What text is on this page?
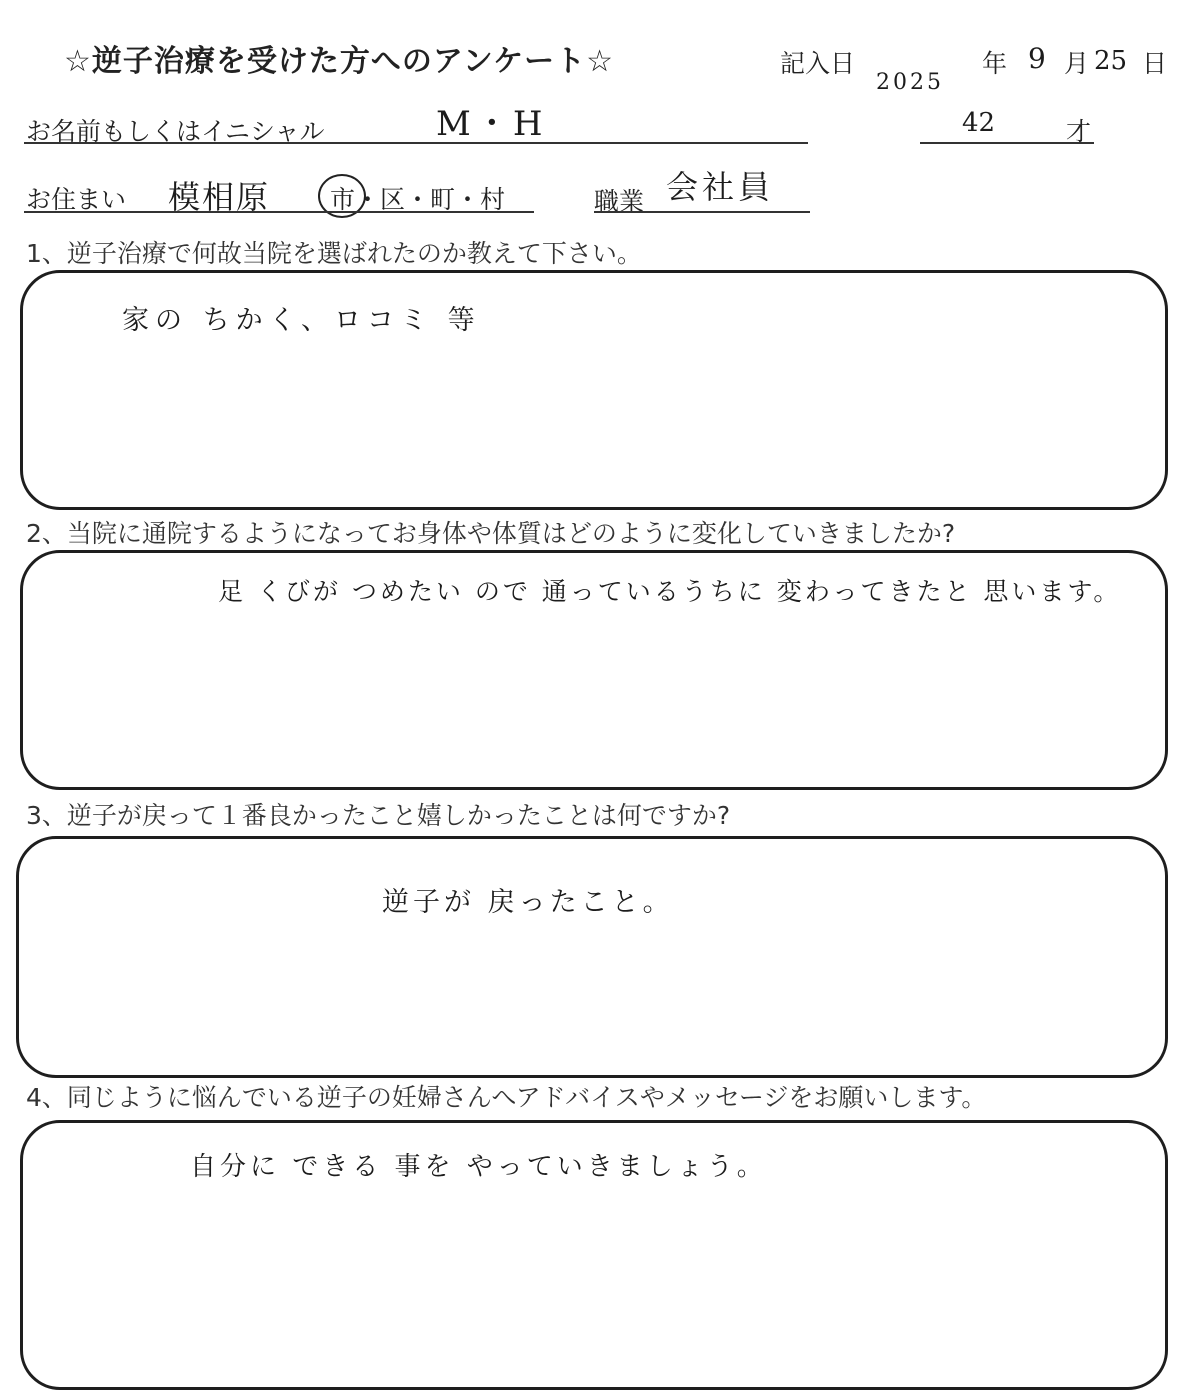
☆逆子治療を受けた方へのアンケート☆	記入日
2025
年 9 月 25 日
お名前もしくはイニシャル	M・H	42	才
お住まい 模相原 市・区・町・村	職業 会社員
1、逆子治療で何故当院を選ばれたのか教えて下さい。
家の ちかく、ロコミ 等
2、当院に通院するようになってお身体や体質はどのように変化していきましたか?
足 くびが つめたい ので 通っているうちに 変わってきたと 思います。
3、逆子が戻って１番良かったこと嬉しかったことは何ですか?
逆子が 戻ったこと。
4、同じように悩んでいる逆子の妊婦さんへアドバイスやメッセージをお願いします。
自分に できる 事を やっていきましょう。
